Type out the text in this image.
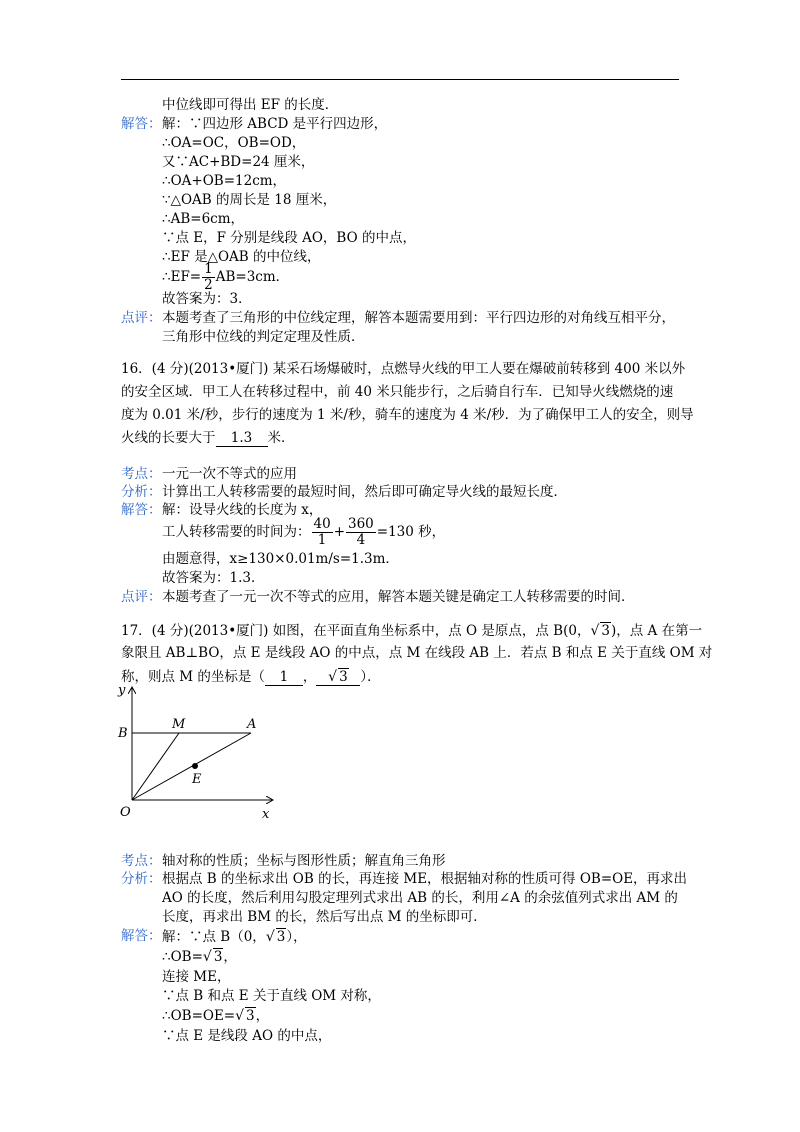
中位线即可得出 EF 的长度．
解答： 解：∵四边形 ABCD 是平行四边形，
∴OA=OC，OB=OD，
又∵AC+BD=24 厘米，
∴OA+OB=12cm，
∵△OAB 的周长是 18 厘米，
∴AB=6cm，
∵点 E，F 分别是线段 AO，BO 的中点，
∴EF 是△OAB 的中位线，
∴EF= $\frac{1}{2} AB=3cm$．
故答案为：3．
点评： 本题考查了三角形的中位线定理，解答本题需要用到：平行四边形的对角线互相平分，
三角形中位线的判定定理及性质．
16．(4 分)(2013•厦门) 某采石场爆破时，点燃导火线的甲工人要在爆破前转移到 400 米以外
的安全区域．甲工人在转移过程中，前 40 米只能步行，之后骑自行车．已知导火线燃烧的速
度为 0.01 米/秒，步行的速度为 1 米/秒，骑车的速度为 4 米/秒．为了确保甲工人的安全，则导
火线的长要大于 1.3 米．
考点： 一元一次不等式的应用
分析： 计算出工人转移需要的最短时间，然后即可确定导火线的最短长度．
解答： 解：设导火线的长度为 x，
工人转移需要的时间为： $\frac{40}{1} + \frac{360}{4} =130$ 秒，
由题意得，x≥130×0.01m/s=1.3m．
故答案为：1.3．
点评： 本题考查了一元一次不等式的应用，解答本题关键是确定工人转移需要的时间．
17．(4 分)(2013•厦门) 如图，在平面直角坐标系中，点 O 是原点，点 B(0，√ 3)，点 A 在第一
象限且 AB⊥BO，点 E 是线段 AO 的中点，点 M 在线段 AB 上．若点 B 和点 E 关于直线 OM 对
称，则点 M 的坐标是（ 1 ， √ 3 ）．
y
x
O
B
M	A
E
考点： 轴对称的性质；坐标与图形性质；解直角三角形
分析： 根据点 B 的坐标求出 OB 的长，再连接 ME，根据轴对称的性质可得 OB=OE，再求出
AO 的长度，然后利用勾股定理列式求出 AB 的长，利用∠A 的余弦值列式求出 AM 的
长度，再求出 BM 的长，然后写出点 M 的坐标即可．
解答： 解：∵点 B（0，√ 3），
∴OB=√ 3，
连接 ME，
∵点 B 和点 E 关于直线 OM 对称，
∴OB=OE=√ 3，
∵点 E 是线段 AO 的中点，
